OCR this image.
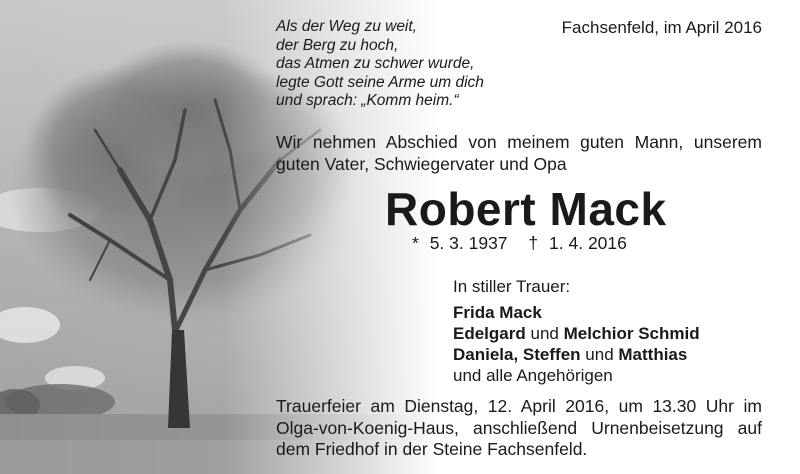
Als der Weg zu weit,
der Berg zu hoch,
das Atmen zu schwer wurde,
legte Gott seine Arme um dich
und sprach: „Komm heim.“
Fachsenfeld, im April 2016
Wir nehmen Abschied von meinem guten Mann, unserem
guten Vater, Schwiegervater und Opa
Robert Mack
* 5. 3. 1937 † 1. 4. 2016
In stiller Trauer:
Frida Mack
Edelgard und Melchior Schmid
Daniela, Steffen und Matthias
und alle Angehörigen
Trauerfeier am Dienstag, 12. April 2016, um 13.30 Uhr im
Olga-von-Koenig-Haus, anschließend Urnenbeisetzung auf
dem Friedhof in der Steine Fachsenfeld.
